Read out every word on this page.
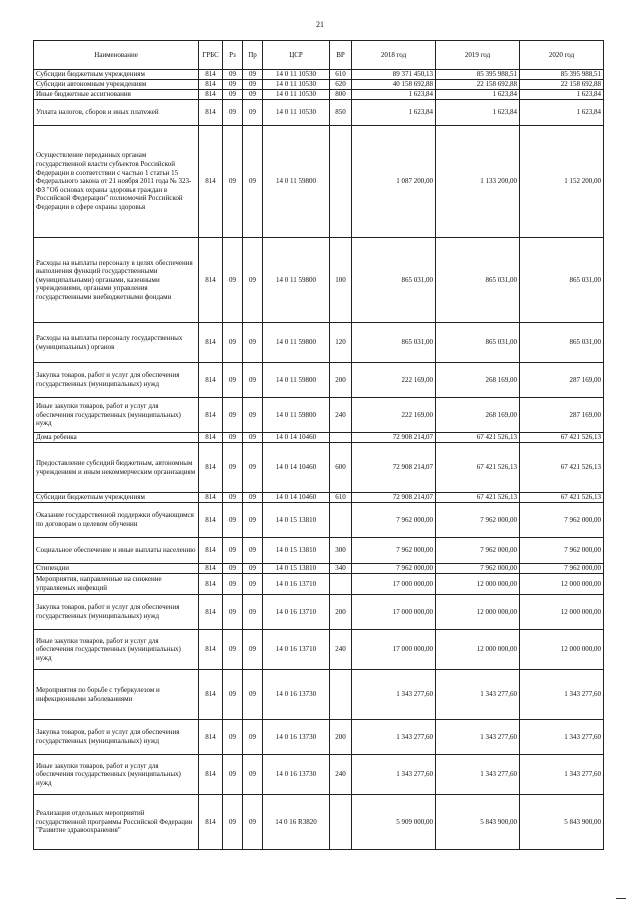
21
Наименование	ГРБС	Рз	Пр	ЦСР	ВР	2018 год	2019 год	2020 год
Субсидии бюджетным учреждениям	814	09	09	14 0 11 10530	610	89 371 450,13	85 395 988,51	85 395 988,51
Субсидии автономным учреждениям	814	09	09	14 0 11 10530	620	40 158 692,88	22 158 692,88	22 158 692,88
Иные бюджетные ассигнования	814	09	09	14 0 11 10530	800	1 623,84	1 623,84	1 623,84
Уплата налогов, сборов и иных платежей	814	09	09	14 0 11 10530	850	1 623,84	1 623,84	1 623,84
Осуществление переданных органам государственной власти субъектов Российской Федерации в соответствии с частью 1 статьи 15 Федерального закона от 21 ноября 2011 года № 323-ФЗ "Об основах охраны здоровья граждан в Российской Федерации" полномочий Российской Федерации в сфере охраны здоровья	814	09	09	14 0 11 59800		1 087 200,00	1 133 200,00	1 152 200,00
Расходы на выплаты персоналу в целях обеспечения выполнения функций государственными (муниципальными) органами, казенными учреждениями, органами управления государственными внебюджетными фондами	814	09	09	14 0 11 59800	100	865 031,00	865 031,00	865 031,00
Расходы на выплаты персоналу государственных (муниципальных) органов	814	09	09	14 0 11 59800	120	865 031,00	865 031,00	865 031,00
Закупка товаров, работ и услуг для обеспечения государственных (муниципальных) нужд	814	09	09	14 0 11 59800	200	222 169,00	268 169,00	287 169,00
Иные закупки товаров, работ и услуг для обеспечения государственных (муниципальных) нужд	814	09	09	14 0 11 59800	240	222 169,00	268 169,00	287 169,00
Дома ребенка	814	09	09	14 0 14 10460		72 908 214,07	67 421 526,13	67 421 526,13
Предоставление субсидий бюджетным, автономным учреждениям и иным некоммерческим организациям	814	09	09	14 0 14 10460	600	72 908 214,07	67 421 526,13	67 421 526,13
Субсидии бюджетным учреждениям	814	09	09	14 0 14 10460	610	72 908 214,07	67 421 526,13	67 421 526,13
Оказание государственной поддержки обучающимся по договорам о целевом обучении	814	09	09	14 0 15 13810		7 962 000,00	7 962 000,00	7 962 000,00
Социальное обеспечение и иные выплаты населению	814	09	09	14 0 15 13810	300	7 962 000,00	7 962 000,00	7 962 000,00
Стипендии	814	09	09	14 0 15 13810	340	7 962 000,00	7 962 000,00	7 962 000,00
Мероприятия, направленные на снижение управляемых инфекций	814	09	09	14 0 16 13710		17 000 000,00	12 000 000,00	12 000 000,00
Закупка товаров, работ и услуг для обеспечения государственных (муниципальных) нужд	814	09	09	14 0 16 13710	200	17 000 000,00	12 000 000,00	12 000 000,00
Иные закупки товаров, работ и услуг для обеспечения государственных (муниципальных) нужд	814	09	09	14 0 16 13710	240	17 000 000,00	12 000 000,00	12 000 000,00
Мероприятия по борьбе с туберкулезом и инфекционными заболеваниями	814	09	09	14 0 16 13730		1 343 277,60	1 343 277,60	1 343 277,60
Закупка товаров, работ и услуг для обеспечения государственных (муниципальных) нужд	814	09	09	14 0 16 13730	200	1 343 277,60	1 343 277,60	1 343 277,60
Иные закупки товаров, работ и услуг для обеспечения государственных (муниципальных) нужд	814	09	09	14 0 16 13730	240	1 343 277,60	1 343 277,60	1 343 277,60
Реализация отдельных мероприятий государственной программы Российской Федерации "Развитие здравоохранения"	814	09	09	14 0 16 R3820		5 909 000,00	5 843 900,00	5 843 900,00
